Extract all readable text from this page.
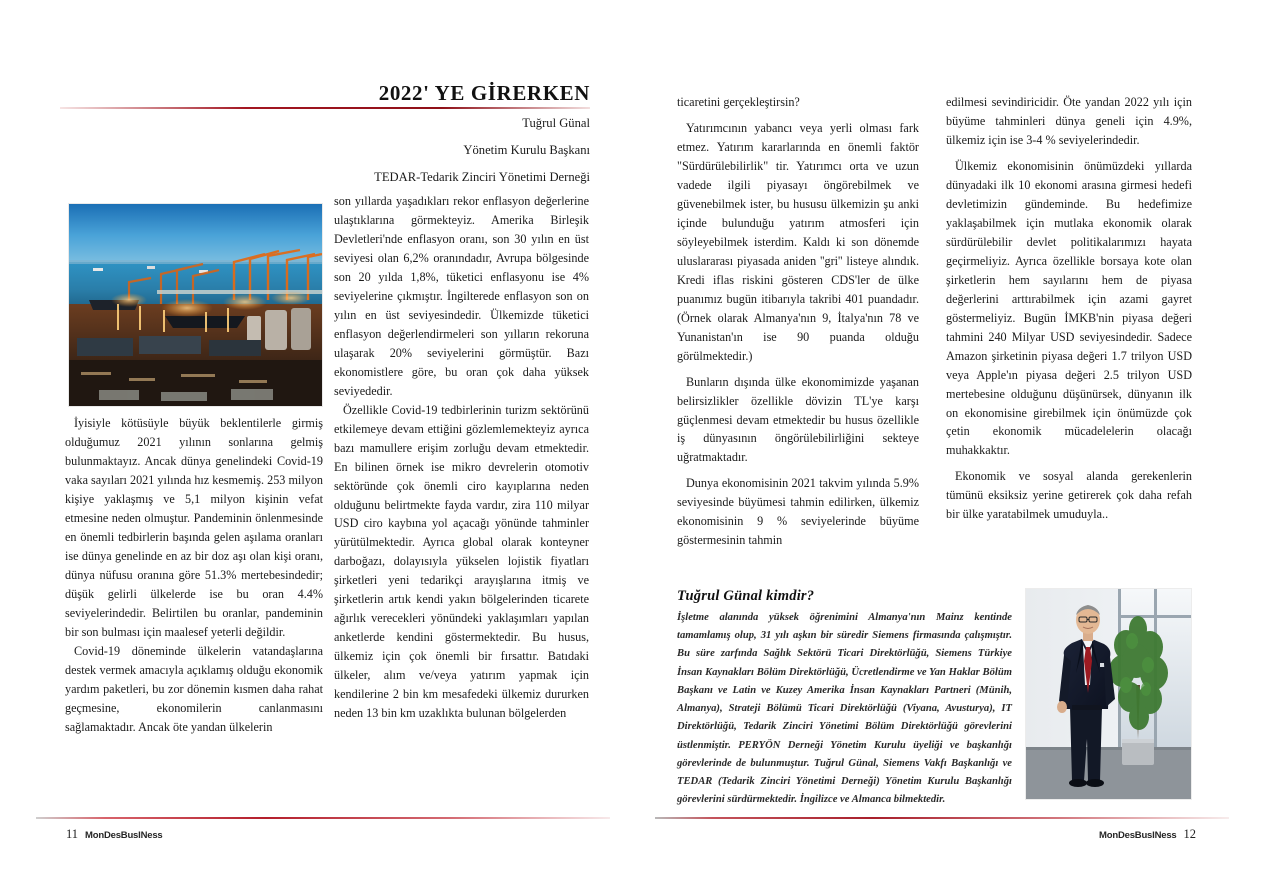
2022' YE GİRERKEN
Tuğrul Günal
Yönetim Kurulu Başkanı
TEDAR-Tedarik Zinciri Yönetimi Derneği

İyisiyle kötüsüyle büyük beklentilerle girmiş olduğumuz 2021 yılının sonlarına gelmiş bulunmaktayız. Ancak dünya genelindeki Covid-19 vaka sayıları 2021 yılında hız kesmemiş. 253 milyon kişiye yaklaşmış ve 5,1 milyon kişinin vefat etmesine neden olmuştur. Pandeminin önlenmesinde en önemli tedbirlerin başında gelen aşılama oranları ise dünya genelinde en az bir doz aşı olan kişi oranı, dünya nüfusu oranına göre 51.3% mertebesindedir; düşük gelirli ülkelerde ise bu oran 4.4% seviyelerindedir. Belirtilen bu oranlar, pandeminin bir son bulması için maalesef yeterli değildir.

Covid-19 döneminde ülkelerin vatandaşlarına destek vermek amacıyla açıklamış olduğu ekonomik yardım paketleri, bu zor dönemin kısmen daha rahat geçmesine, ekonomilerin canlanmasını sağlamaktadır. Ancak öte yandan ülkelerin

son yıllarda yaşadıkları rekor enflasyon değerlerine ulaştıklarına görmekteyiz. Amerika Birleşik Devletleri'nde enflasyon oranı, son 30 yılın en üst seviyesi olan 6,2% oranındadır, Avrupa bölgesinde son 20 yılda 1,8%, tüketici enflasyonu ise 4% seviyelerine çıkmıştır. İngilterede enflasyon son on yılın en üst seviyesindedir. Ülkemizde tüketici enflasyon değerlendirmeleri son yılların rekoruna ulaşarak 20% seviyelerini görmüştür. Bazı ekonomistlere göre, bu oran çok daha yüksek seviyededir.

Özellikle Covid-19 tedbirlerinin turizm sektörünü etkilemeye devam ettiğini gözlemlemekteyiz ayrıca bazı mamullere erişim zorluğu devam etmektedir. En bilinen örnek ise mikro devrelerin otomotiv sektöründe çok önemli ciro kayıplarına neden olduğunu belirtmekte fayda vardır, zira 110 milyar USD ciro kaybına yol açacağı yönünde tahminler yürütülmektedir. Ayrıca global olarak konteyner darboğazı, dolayısıyla yükselen lojistik fiyatları şirketleri yeni tedarikçi arayışlarına itmiş ve şirketlerin artık kendi yakın bölgelerinden ticarete ağırlık verecekleri yönündeki yaklaşımları yapılan anketlerde kendini göstermektedir. Bu husus, ülkemiz için çok önemli bir fırsattır. Batıdaki ülkeler, alım ve/veya yatırım yapmak için kendilerine 2 bin km mesafedeki ülkemiz dururken neden 13 bin km uzaklıkta bulunan bölgelerden

11 MonDesBusINess

ticaretini gerçekleştirsin?

Yatırımcının yabancı veya yerli olması fark etmez. Yatırım kararlarında en önemli faktör "Sürdürülebilirlik" tir. Yatırımcı orta ve uzun vadede ilgili piyasayı öngörebilmek ve güvenebilmek ister, bu hususu ülkemizin şu anki içinde bulunduğu yatırım atmosferi için söyleyebilmek isterdim. Kaldı ki son dönemde uluslararası piyasada aniden ''gri'' listeye alındık. Kredi iflas riskini gösteren CDS'ler de ülke puanımız bugün itibarıyla takribi 401 puandadır. (Örnek olarak Almanya'nın 9, İtalya'nın 78 ve Yunanistan'ın ise 90 puanda olduğu görülmektedir.)

Bunların dışında ülke ekonomimizde yaşanan belirsizlikler özellikle dövizin TL'ye karşı güçlenmesi devam etmektedir bu husus özellikle iş dünyasının öngörülebilirliğini sekteye uğratmaktadır.

Dunya ekonomisinin 2021 takvim yılında 5.9% seviyesinde büyümesi tahmin edilirken, ülkemiz ekonomisinin 9 % seviyelerinde büyüme göstermesinin tahmin

edilmesi sevindiricidir. Öte yandan 2022 yılı için büyüme tahminleri dünya geneli için 4.9%, ülkemiz için ise 3-4 % seviyelerindedir.

Ülkemiz ekonomisinin önümüzdeki yıllarda dünyadaki ilk 10 ekonomi arasına girmesi hedefi devletimizin gündeminde. Bu hedefimize yaklaşabilmek için mutlaka ekonomik olarak sürdürülebilir devlet politikalarımızı hayata geçirmeliyiz. Ayrıca özellikle borsaya kote olan şirketlerin hem sayılarını hem de piyasa değerlerini arttırabilmek için azami gayret göstermeliyiz. Bugün İMKB'nin piyasa değeri tahmini 240 Milyar USD seviyesindedir. Sadece Amazon şirketinin piyasa değeri 1.7 trilyon USD veya Apple'ın piyasa değeri 2.5 trilyon USD mertebesine olduğunu düşünürsek, dünyanın ilk on ekonomisine girebilmek için önümüzde çok çetin ekonomik mücadelelerin olacağı muhakkaktır.

Ekonomik ve sosyal alanda gerekenlerin tümünü eksiksiz yerine getirerek çok daha refah bir ülke yaratabilmek umuduyla..

Tuğrul Günal kimdir?

İşletme alanında yüksek öğrenimini Almanya'nın Mainz kentinde tamamlamış olup, 31 yılı aşkın bir süredir Siemens firmasında çalışmıştır. Bu süre zarfında Sağlık Sektörü Ticari Direktörlüğü, Siemens Türkiye İnsan Kaynakları Bölüm Direktörlüğü, Ücretlendirme ve Yan Haklar Bölüm Başkanı ve Latin ve Kuzey Amerika İnsan Kaynakları Partneri (Münih, Almanya), Strateji Bölümü Ticari Direktörlüğü (Viyana, Avusturya), IT Direktörlüğü, Tedarik Zinciri Yönetimi Bölüm Direktörlüğü görevlerini üstlenmiştir. PERYÖN Derneği Yönetim Kurulu üyeliği ve başkanlığı görevlerinde de bulunmuştur. Tuğrul Günal, Siemens Vakfı Başkanlığı ve TEDAR (Tedarik Zinciri Yönetimi Derneği) Yönetim Kurulu Başkanlığı görevlerini sürdürmektedir. İngilizce ve Almanca bilmektedir.

MonDesBusINess 12
